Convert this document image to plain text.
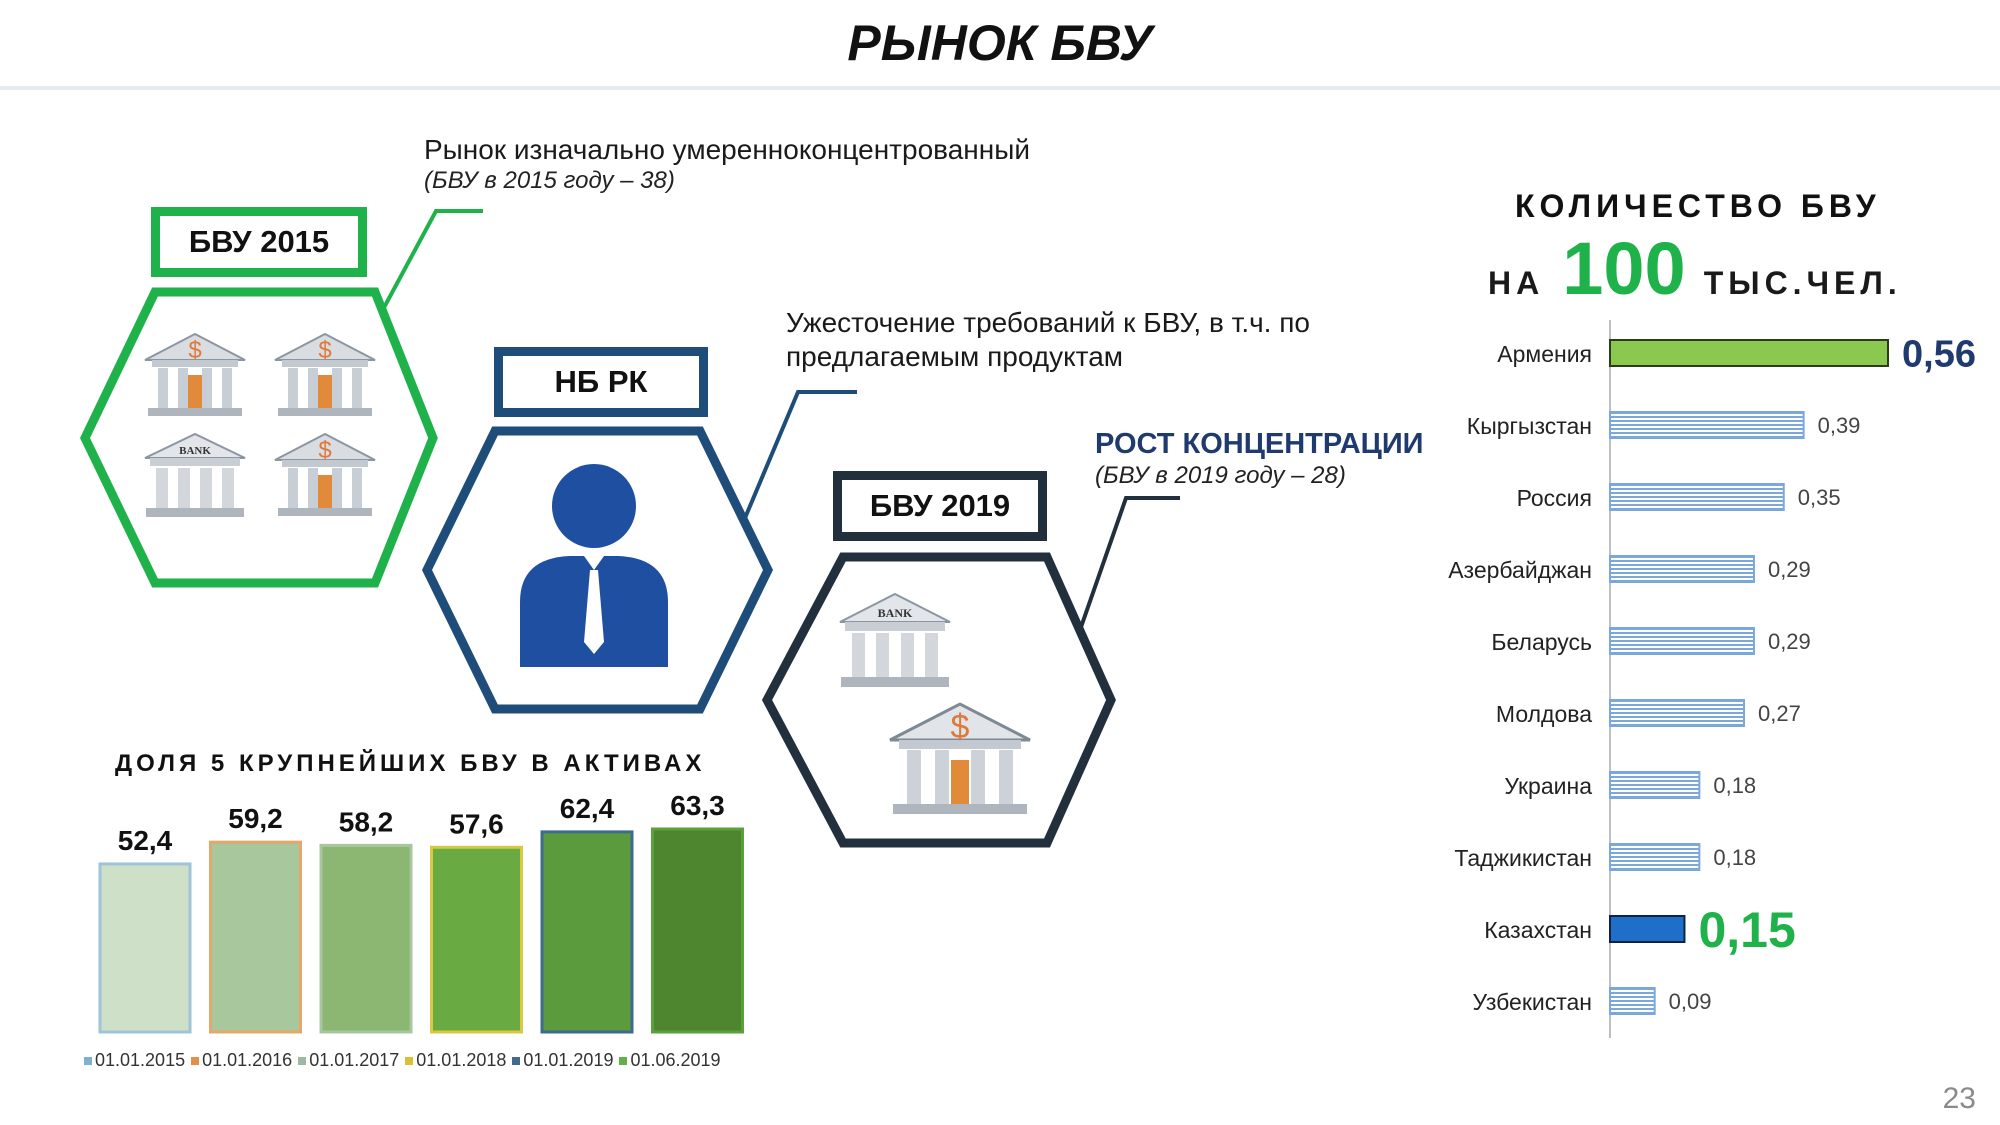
РЫНОК БВУ
Рынок изначально умеренноконцентрованный
(БВУ в 2015 году – 38)
Ужесточение требований к БВУ, в т.ч. по
предлагаемым продуктам
РОСТ КОНЦЕНТРАЦИИ
(БВУ в 2019 году – 28)
БВУ 2015
НБ РК
БВУ 2019
$	$
BANK	$
BANK
$
ДОЛЯ 5 КРУПНЕЙШИХ БВУ В АКТИВАХ
52,4
59,2 58,2 57,6 62,4 63,3
01.01.2015 01.01.2016 01.01.2017 01.01.2018 01.01.2019 01.06.2019
КОЛИЧЕСТВО БВУ
НА 100 ТЫС.ЧЕЛ.
Армения	0,56
Кыргызстан	0,39
Россия	0,35
Азербайджан	0,29
Беларусь	0,29
Молдова	0,27
Украина	0,18
Таджикистан	0,18
Казахстан 0,15
Узбекистан	0,09
23
